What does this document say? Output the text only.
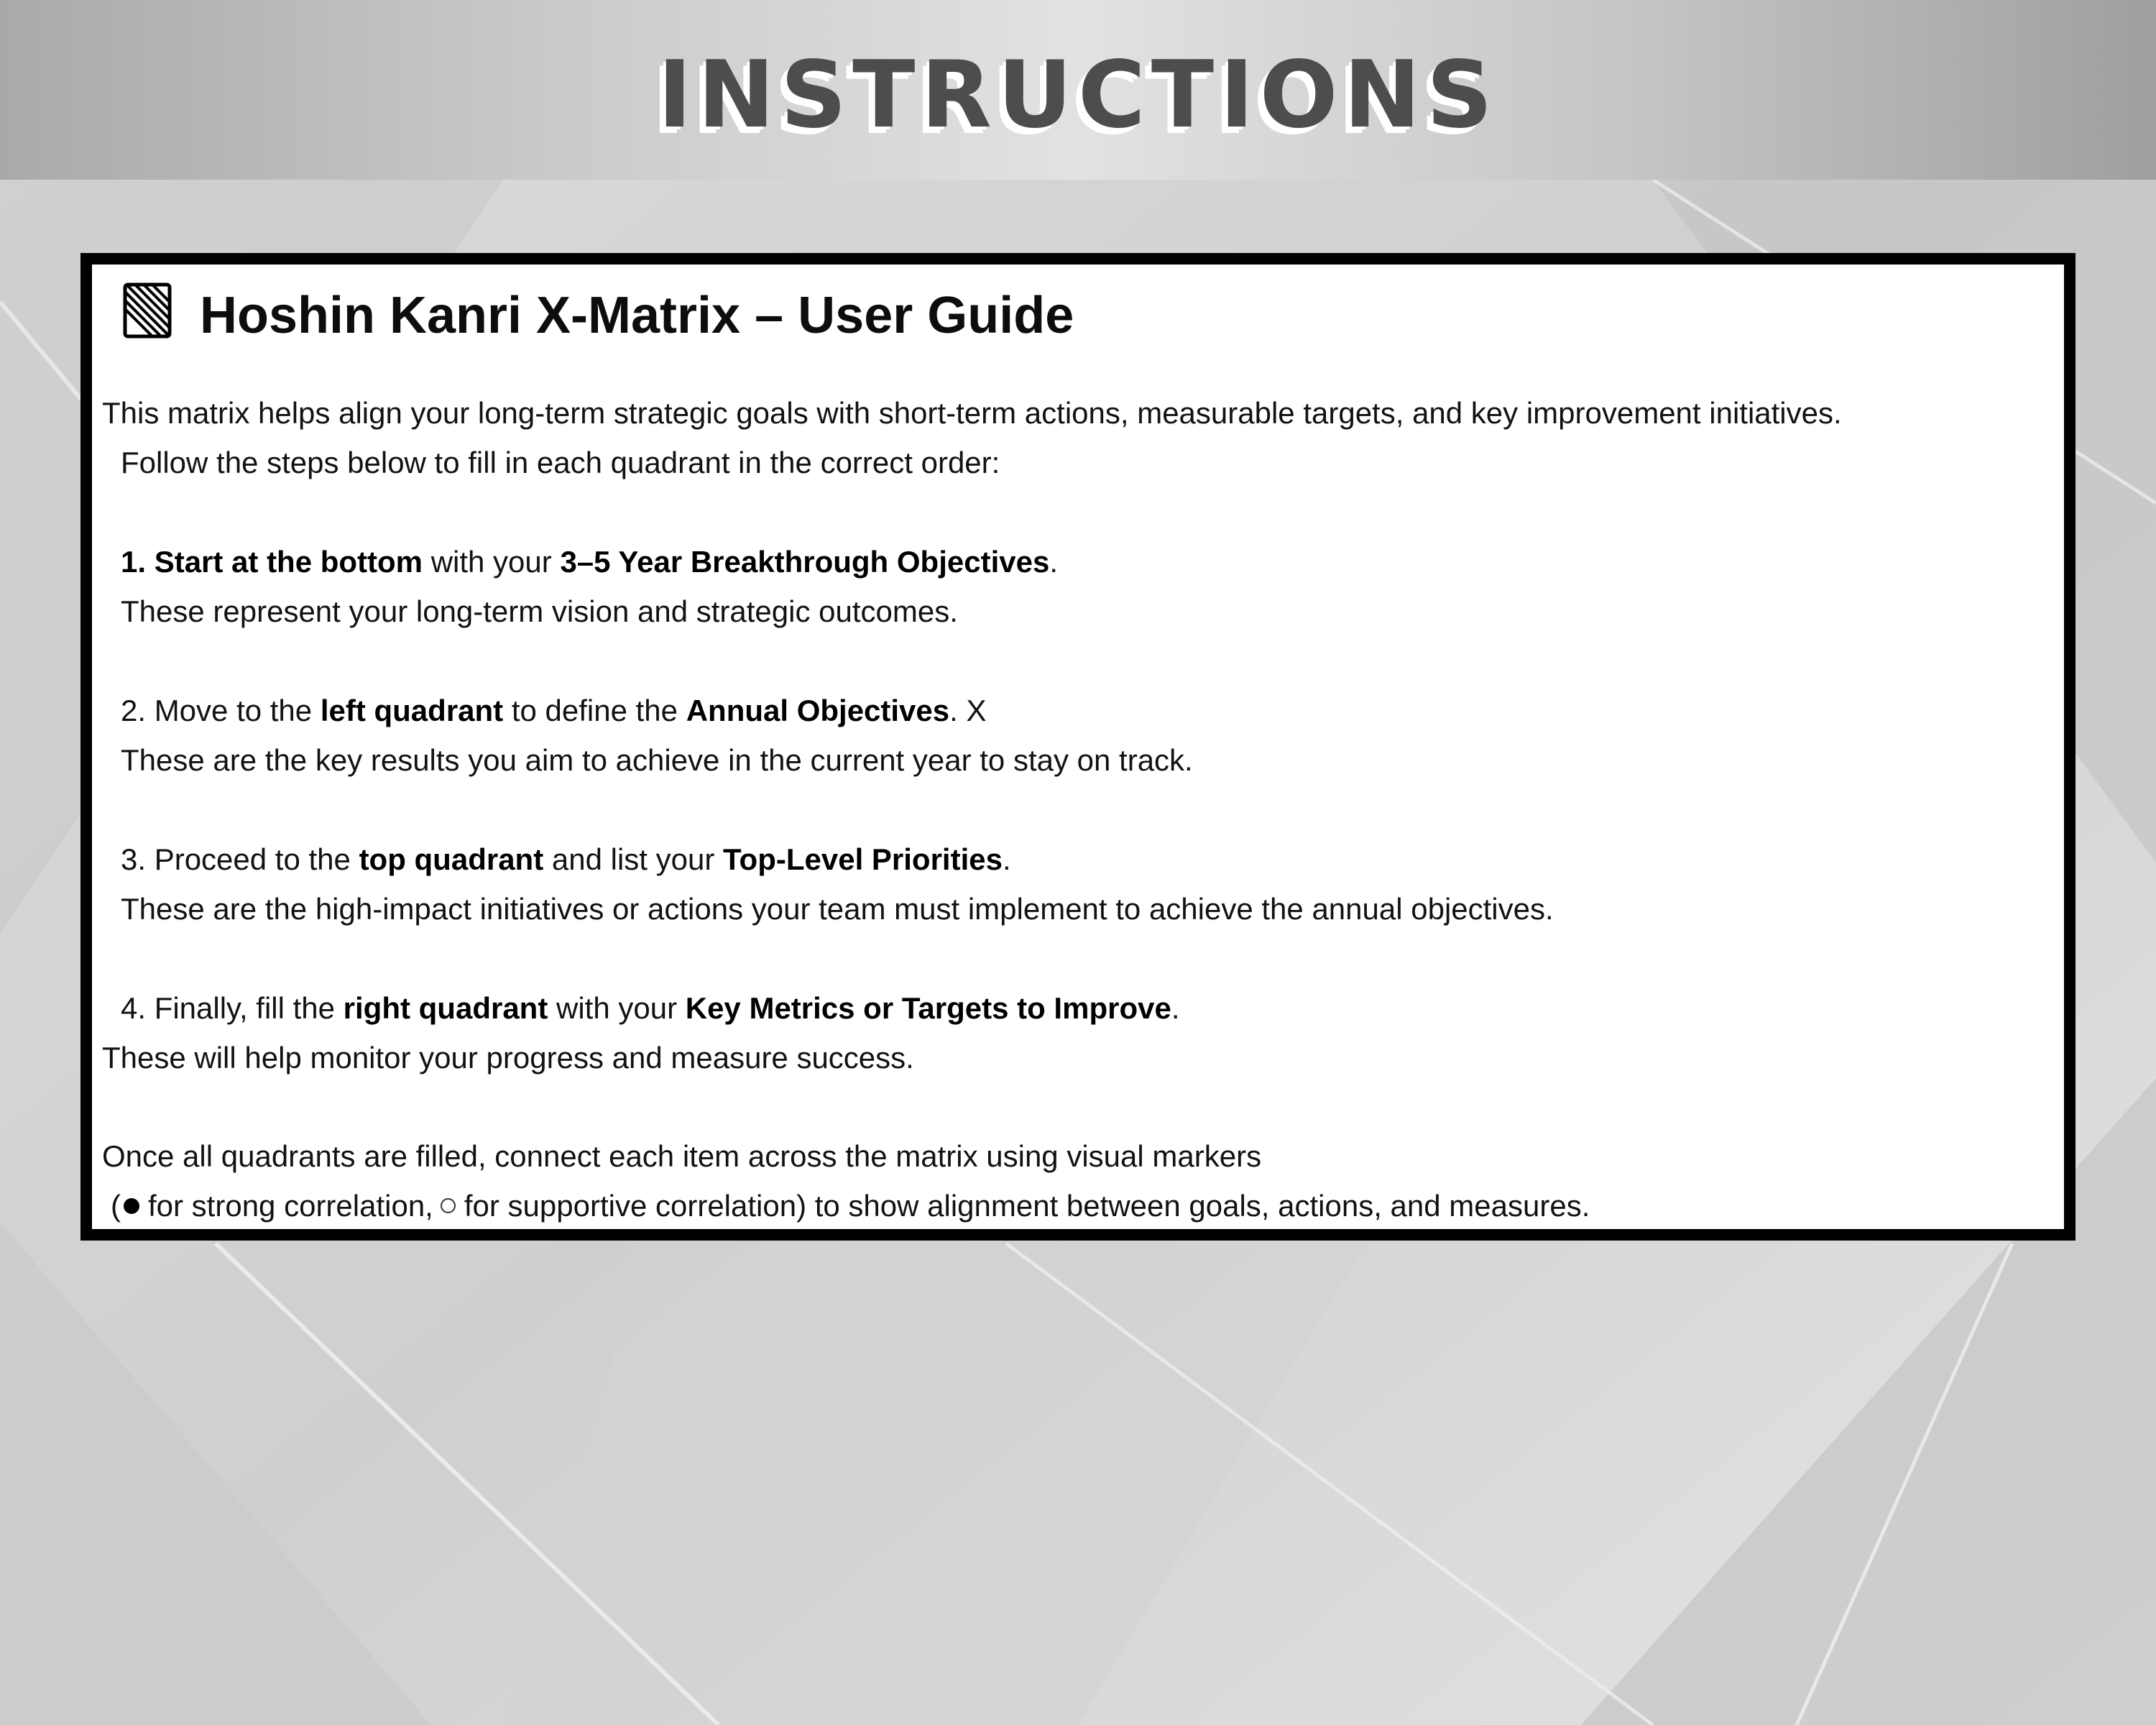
INSTRUCTIONS
Hoshin Kanri X-Matrix – User Guide
This matrix helps align your long-term strategic goals with short-term actions, measurable targets, and key improvement initiatives.
Follow the steps below to fill in each quadrant in the correct order:
1. Start at the bottom with your 3–5 Year Breakthrough Objectives.
These represent your long-term vision and strategic outcomes.
2. Move to the left quadrant to define the Annual Objectives. X
These are the key results you aim to achieve in the current year to stay on track.
3. Proceed to the top quadrant and list your Top-Level Priorities.
These are the high-impact initiatives or actions your team must implement to achieve the annual objectives.
4. Finally, fill the right quadrant with your Key Metrics or Targets to Improve.
These will help monitor your progress and measure success.
Once all quadrants are filled, connect each item across the matrix using visual markers
( for strong correlation, for supportive correlation) to show alignment between goals, actions, and measures.
